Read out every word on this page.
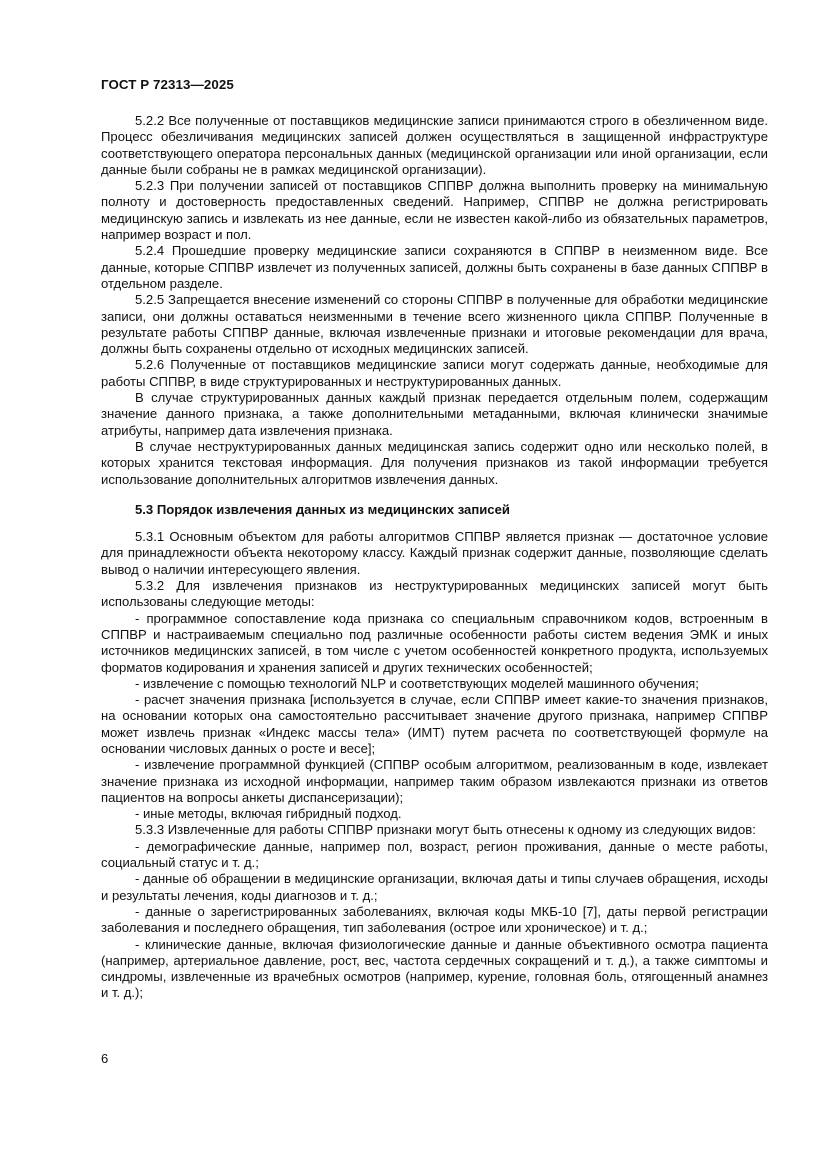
ГОСТ Р 72313—2025

5.2.2 Все полученные от поставщиков медицинские записи принимаются строго в обезличенном виде. Процесс обезличивания медицинских записей должен осуществляться в защищенной инфраструктуре соответствующего оператора персональных данных (медицинской организации или иной организации, если данные были собраны не в рамках медицинской организации).

5.2.3 При получении записей от поставщиков СППВР должна выполнить проверку на минимальную полноту и достоверность предоставленных сведений. Например, СППВР не должна регистрировать медицинскую запись и извлекать из нее данные, если не известен какой-либо из обязательных параметров, например возраст и пол.

5.2.4 Прошедшие проверку медицинские записи сохраняются в СППВР в неизменном виде. Все данные, которые СППВР извлечет из полученных записей, должны быть сохранены в базе данных СППВР в отдельном разделе.

5.2.5 Запрещается внесение изменений со стороны СППВР в полученные для обработки медицинские записи, они должны оставаться неизменными в течение всего жизненного цикла СППВР. Полученные в результате работы СППВР данные, включая извлеченные признаки и итоговые рекомендации для врача, должны быть сохранены отдельно от исходных медицинских записей.

5.2.6 Полученные от поставщиков медицинские записи могут содержать данные, необходимые для работы СППВР, в виде структурированных и неструктурированных данных.

В случае структурированных данных каждый признак передается отдельным полем, содержащим значение данного признака, а также дополнительными метаданными, включая клинически значимые атрибуты, например дата извлечения признака.

В случае неструктурированных данных медицинская запись содержит одно или несколько полей, в которых хранится текстовая информация. Для получения признаков из такой информации требуется использование дополнительных алгоритмов извлечения данных.

5.3 Порядок извлечения данных из медицинских записей

5.3.1 Основным объектом для работы алгоритмов СППВР является признак — достаточное условие для принадлежности объекта некоторому классу. Каждый признак содержит данные, позволяющие сделать вывод о наличии интересующего явления.

5.3.2 Для извлечения признаков из неструктурированных медицинских записей могут быть использованы следующие методы:

- программное сопоставление кода признака со специальным справочником кодов, встроенным в СППВР и настраиваемым специально под различные особенности работы систем ведения ЭМК и иных источников медицинских записей, в том числе с учетом особенностей конкретного продукта, используемых форматов кодирования и хранения записей и других технических особенностей;

- извлечение с помощью технологий NLP и соответствующих моделей машинного обучения;

- расчет значения признака [используется в случае, если СППВР имеет какие-то значения признаков, на основании которых она самостоятельно рассчитывает значение другого признака, например СППВР может извлечь признак «Индекс массы тела» (ИМТ) путем расчета по соответствующей формуле на основании числовых данных о росте и весе];

- извлечение программной функцией (СППВР особым алгоритмом, реализованным в коде, извлекает значение признака из исходной информации, например таким образом извлекаются признаки из ответов пациентов на вопросы анкеты диспансеризации);

- иные методы, включая гибридный подход.

5.3.3 Извлеченные для работы СППВР признаки могут быть отнесены к одному из следующих видов:

- демографические данные, например пол, возраст, регион проживания, данные о месте работы, социальный статус и т. д.;

- данные об обращении в медицинские организации, включая даты и типы случаев обращения, исходы и результаты лечения, коды диагнозов и т. д.;

- данные о зарегистрированных заболеваниях, включая коды МКБ-10 [7], даты первой регистрации заболевания и последнего обращения, тип заболевания (острое или хроническое) и т. д.;

- клинические данные, включая физиологические данные и данные объективного осмотра пациента (например, артериальное давление, рост, вес, частота сердечных сокращений и т. д.), а также симптомы и синдромы, извлеченные из врачебных осмотров (например, курение, головная боль, отягощенный анамнез и т. д.);

6
